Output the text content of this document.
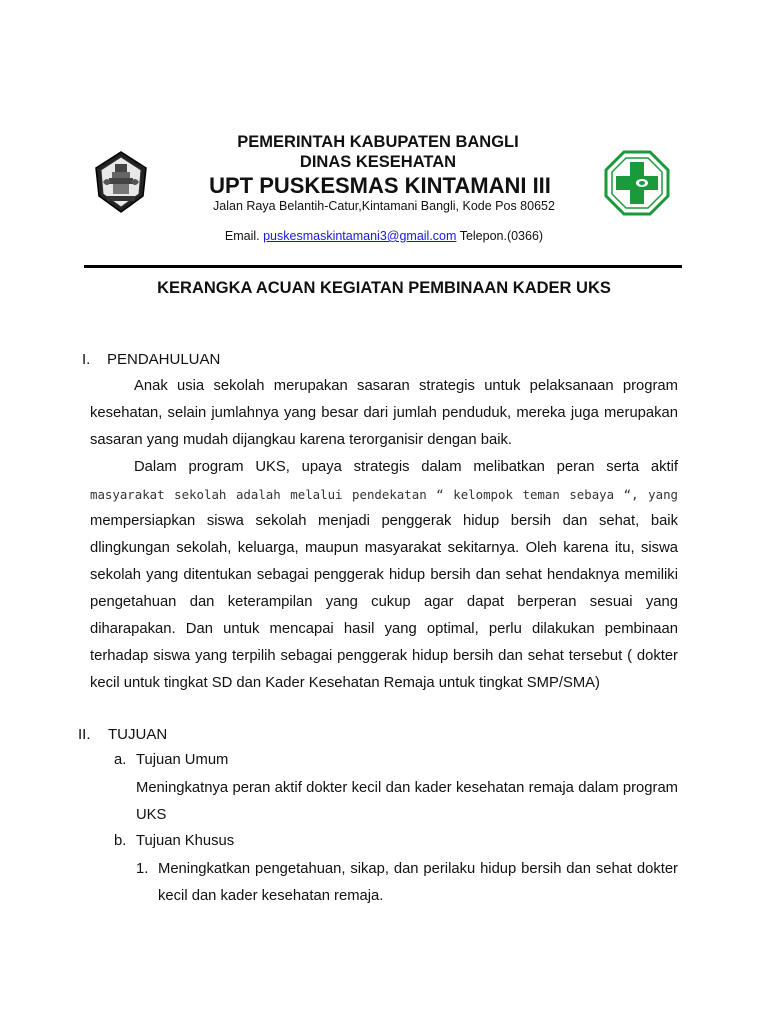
PEMERINTAH KABUPATEN BANGLI
DINAS KESEHATAN
UPT PUSKESMAS KINTAMANI III
Jalan Raya Belantih-Catur,Kintamani Bangli, Kode Pos 80652
Email. puskesmaskintamani3@gmail.com Telepon.(0366)
KERANGKA ACUAN KEGIATAN PEMBINAAN KADER UKS
I. PENDAHULUAN
Anak usia sekolah merupakan sasaran strategis untuk pelaksanaan program
kesehatan, selain jumlahnya yang besar dari jumlah penduduk, mereka juga merupakan
sasaran yang mudah dijangkau karena terorganisir dengan baik.
Dalam program UKS, upaya strategis dalam melibatkan peran serta aktif
masyarakat sekolah adalah melalui pendekatan “ kelompok teman sebaya “, yang
mempersiapkan siswa sekolah menjadi penggerak hidup bersih dan sehat, baik
dlingkungan sekolah, keluarga, maupun masyarakat sekitarnya. Oleh karena itu, siswa
sekolah yang ditentukan sebagai penggerak hidup bersih dan sehat hendaknya memiliki
pengetahuan dan keterampilan yang cukup agar dapat berperan sesuai yang
diharapakan. Dan untuk mencapai hasil yang optimal, perlu dilakukan pembinaan
terhadap siswa yang terpilih sebagai penggerak hidup bersih dan sehat tersebut ( dokter
kecil untuk tingkat SD dan Kader Kesehatan Remaja untuk tingkat SMP/SMA)
II. TUJUAN
a. Tujuan Umum
Meningkatnya peran aktif dokter kecil dan kader kesehatan remaja dalam program
UKS
b. Tujuan Khusus
1. Meningkatkan pengetahuan, sikap, dan perilaku hidup bersih dan sehat dokter
kecil dan kader kesehatan remaja.
